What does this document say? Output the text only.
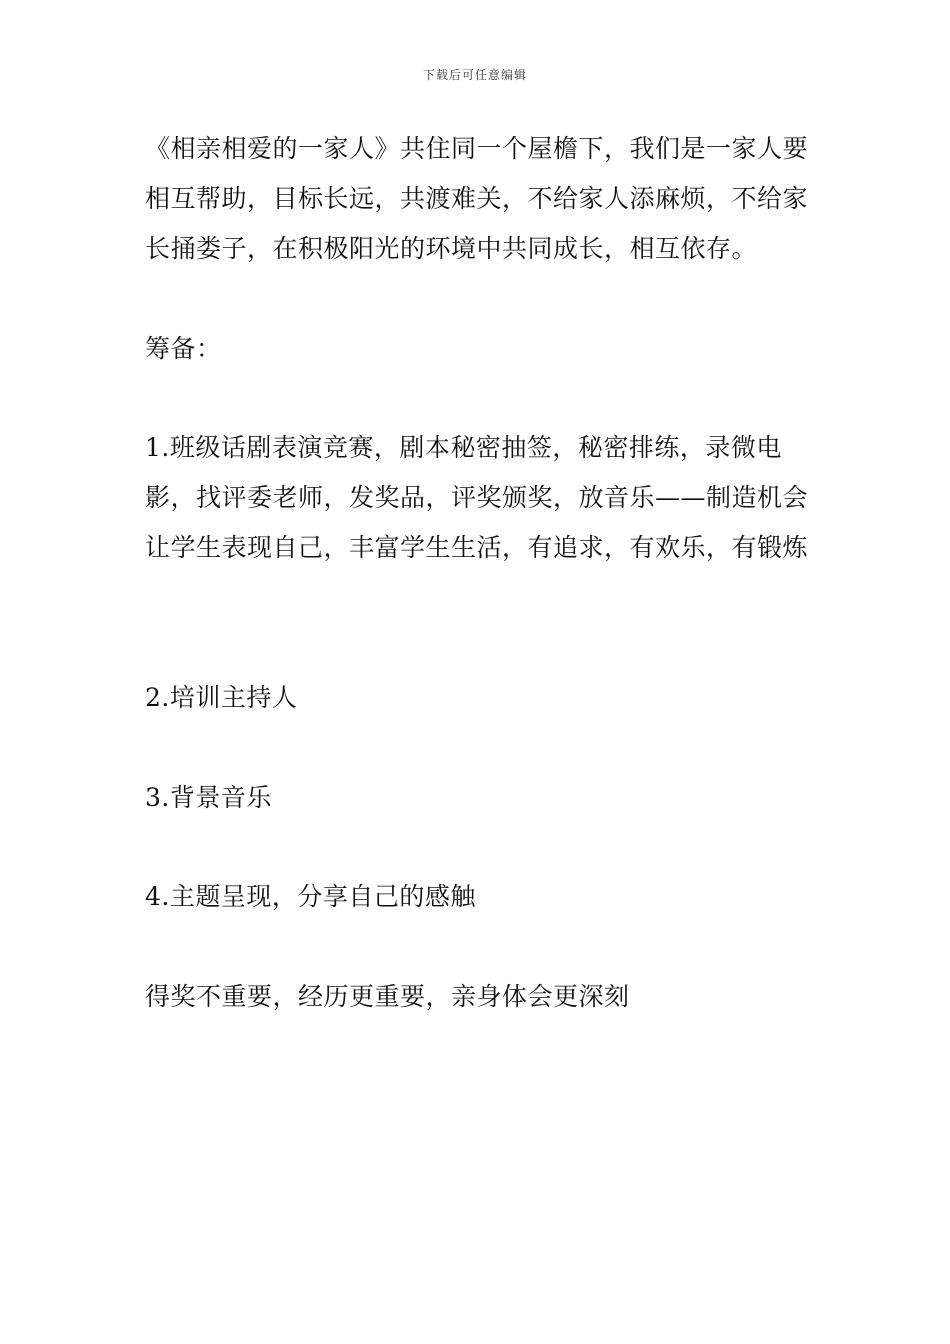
下载后可任意编辑

《相亲相爱的一家人》共住同一个屋檐下，我们是一家人要相互帮助，目标长远，共渡难关，不给家人添麻烦，不给家长捅娄子，在积极阳光的环境中共同成长，相互依存。

筹备：

1.班级话剧表演竞赛，剧本秘密抽签，秘密排练，录微电影，找评委老师，发奖品，评奖颁奖，放音乐——制造机会让学生表现自己，丰富学生生活，有追求，有欢乐，有锻炼

2.培训主持人

3.背景音乐

4.主题呈现，分享自己的感触

得奖不重要，经历更重要，亲身体会更深刻
